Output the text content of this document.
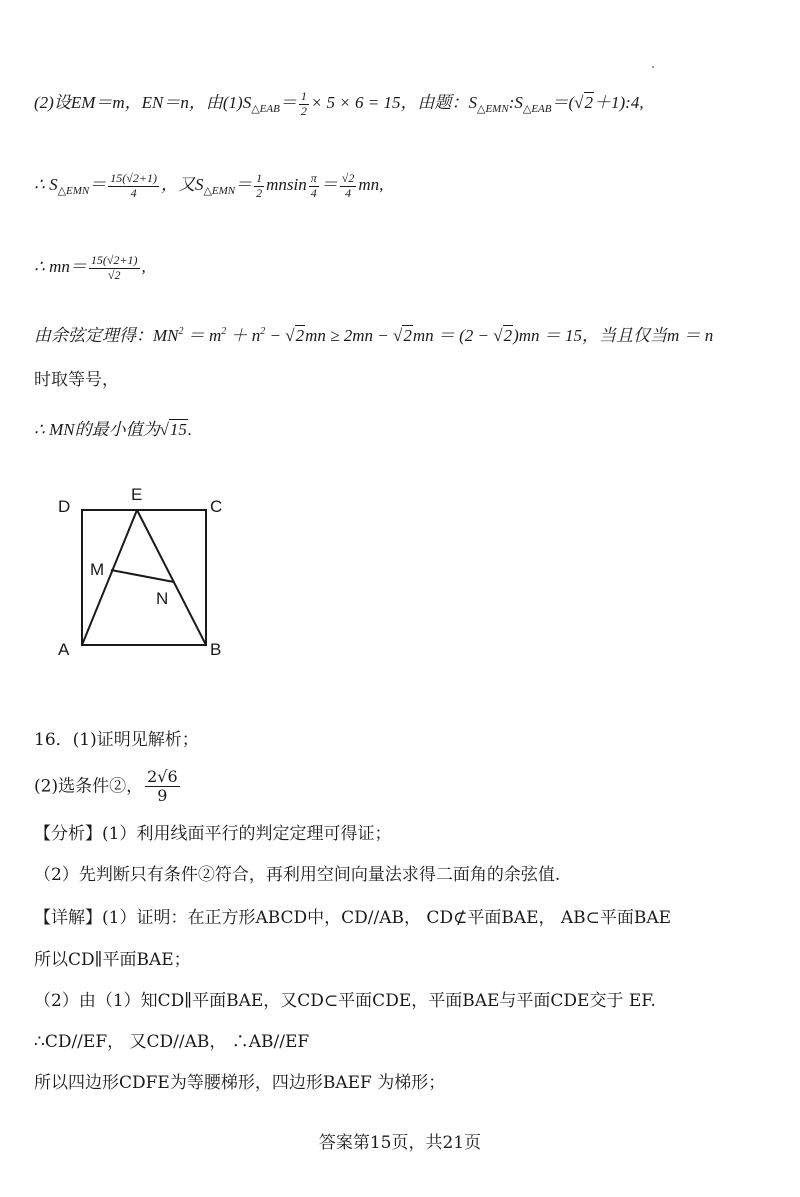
(2)设EM＝m，EN＝n，由$(1)S_{\triangle EAB}= \frac{1}{2} \times 5 \times 6 = 15$，由题：$S_{\triangle EMN}:S_{\triangle EAB}=(√2+1):4$,
∴ $S_{\triangle EMN}= \frac{15(√2+1)}{4}$ ，又$S_{\triangle EMN}= \frac{1}{2}$ mnsin $\frac{\pi}{4} = \frac{√2}{4}$ mn,
∴ $mn= \frac{15(√2+1)}{√2}$ ,
由余弦定理得：$MN^2 = m^2 + n^2 - √2mn \ge 2mn - √2mn = (2 - √2)mn = 15$，当且仅当m ＝ n
时取等号，
∴ MN的最小值为√15.
D
E
C
M
N
A	B
16．(1)证明见解析；
(2)选条件②， $\frac{2√6}{9}$
【分析】(1）利用线面平行的判定定理可得证；
（2）先判断只有条件②符合，再利用空间向量法求得二面角的余弦值.
【详解】(1）证明：在正方形ABCD中，CD//AB， CD⊄平面BAE， AB⊂平面BAE
所以CD∥平面BAE；
（2）由（1）知CD∥平面BAE，又CD⊂平面CDE，平面BAE与平面CDE交于 EF.
∴CD//EF， 又CD//AB， ∴AB//EF
所以四边形CDFE为等腰梯形，四边形BAEF 为梯形；
答案第15页，共21页
